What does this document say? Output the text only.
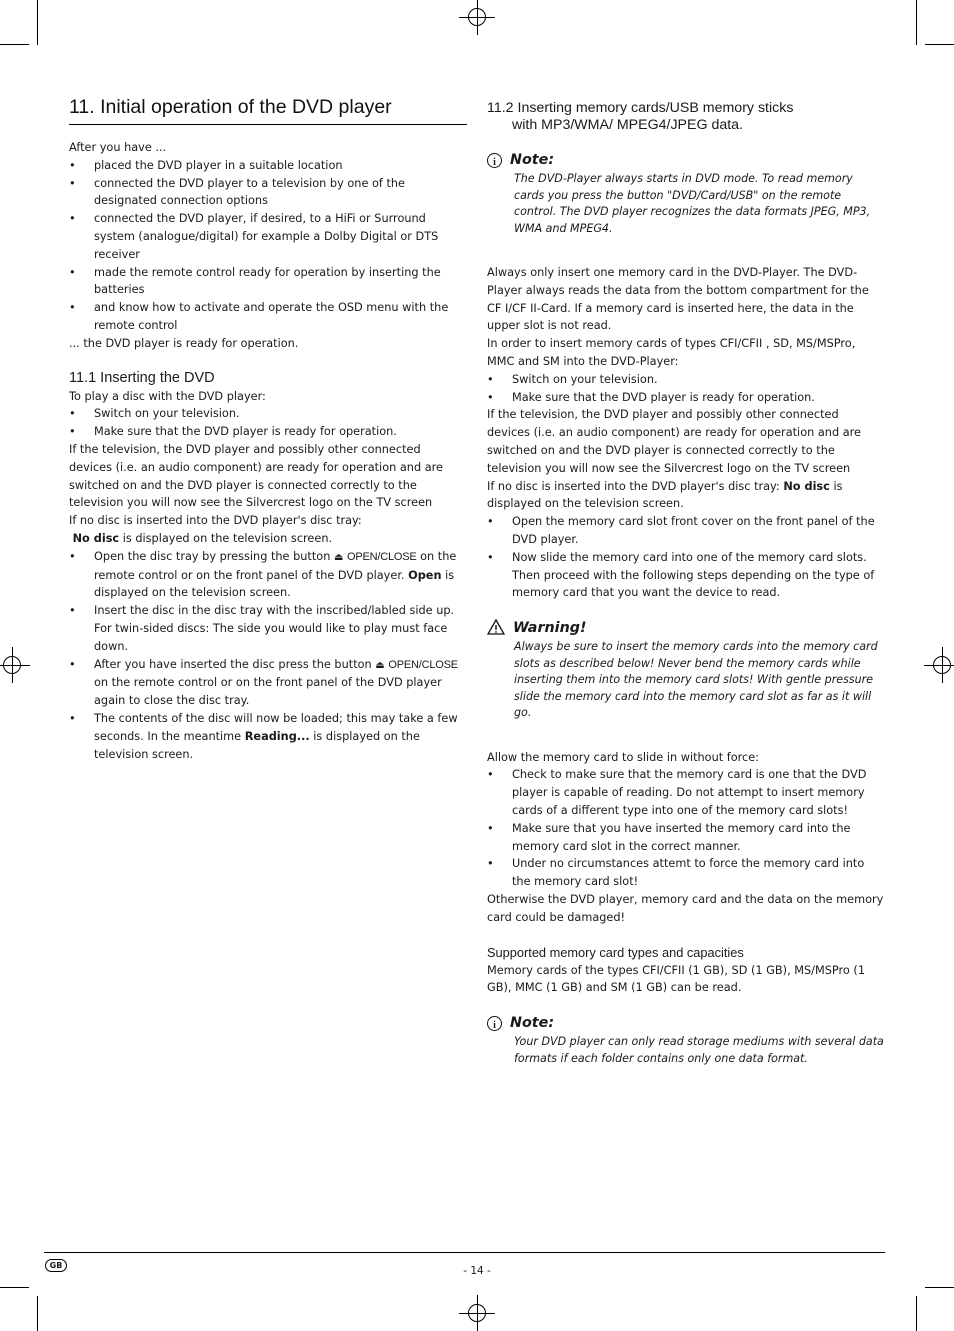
11. Initial operation of the DVD player

After you have ...

• placed the DVD player in a suitable location
• connected the DVD player to a television by one of the designated connection options
• connected the DVD player, if desired, to a HiFi or Surround system (analogue/digital) for example a Dolby Digital or DTS receiver
• made the remote control ready for operation by inserting the batteries
• and know how to activate and operate the OSD menu with the remote control

... the DVD player is ready for operation.

11.1 Inserting the DVD

To play a disc with the DVD player:

• Switch on your television.
• Make sure that the DVD player is ready for operation.

If the television, the DVD player and possibly other connected devices (i.e. an audio component) are ready for operation and are switched on and the DVD player is connected correctly to the television you will now see the Silvercrest logo on the TV screen

If no disc is inserted into the DVD player's disc tray:

No disc is displayed on the television screen.

• Open the disc tray by pressing the button ⏏ OPEN/CLOSE on the remote control or on the front panel of the DVD player. Open is displayed on the television screen.
• Insert the disc in the disc tray with the inscribed/labled side up. For twin-sided discs: The side you would like to play must face down.
• After you have inserted the disc press the button ⏏ OPEN/CLOSE on the remote control or on the front panel of the DVD player again to close the disc tray.
• The contents of the disc will now be loaded; this may take a few seconds. In the meantime Reading... is displayed on the television screen.
11.2 Inserting memory cards/USB memory sticks
with MP3/WMA/ MPEG4/JPEG data.
i Note:
The DVD-Player always starts in DVD mode. To read memory cards you press the button "DVD/Card/USB" on the remote control. The DVD player recognizes the data formats JPEG, MP3, WMA and MPEG4.

Always only insert one memory card in the DVD-Player. The DVD-Player always reads the data from the bottom compartment for the CF I/CF II-Card. If a memory card is inserted here, the data in the upper slot is not read.

In order to insert memory cards of types CFI/CFII , SD, MS/MSPro, MMC and SM into the DVD-Player:

• Switch on your television.
• Make sure that the DVD player is ready for operation.

If the television, the DVD player and possibly other connected devices (i.e. an audio component) are ready for operation and are switched on and the DVD player is connected correctly to the television you will now see the Silvercrest logo on the TV screen

If no disc is inserted into the DVD player's disc tray: No disc is displayed on the television screen.

• Open the memory card slot front cover on the front panel of the DVD player.
• Now slide the memory card into one of the memory card slots. Then proceed with the following steps depending on the type of memory card that you want the device to read.
Warning!
Always be sure to insert the memory cards into the memory card slots as described below! Never bend the memory cards while inserting them into the memory card slots! With gentle pressure slide the memory card into the memory card slot as far as it will go.

Allow the memory card to slide in without force:

• Check to make sure that the memory card is one that the DVD player is capable of reading. Do not attempt to insert memory cards of a different type into one of the memory card slots!
• Make sure that you have inserted the memory card into the memory card slot in the correct manner.
• Under no circumstances attemt to force the memory card into the memory card slot!

Otherwise the DVD player, memory card and the data on the memory card could be damaged!

Supported memory card types and capacities

Memory cards of the types CFI/CFII (1 GB), SD (1 GB), MS/MSPro (1 GB), MMC (1 GB) and SM (1 GB) can be read.

i Note:
Your DVD player can only read storage mediums with several data formats if each folder contains only one data format.
GB	- 14 -
